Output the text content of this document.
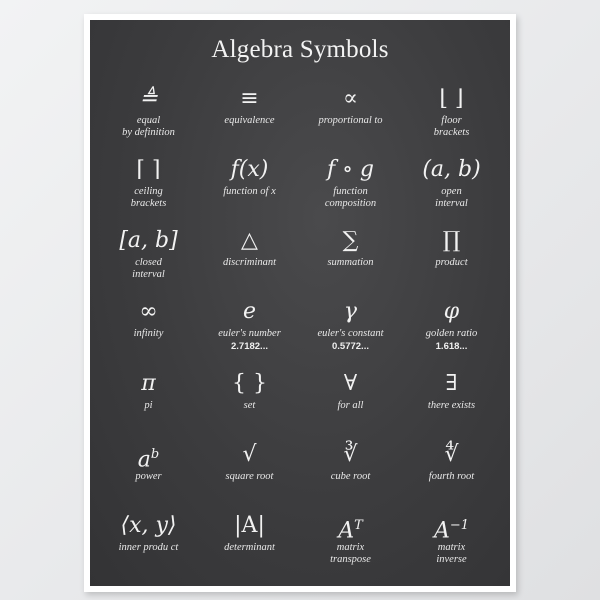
Algebra Symbols
≜
equal
by definition
≡
equivalence
∝
proportional to
⌊ ⌋
floor
brackets
⌈ ⌉
ceiling
brackets
f(x)
function of x
f ∘ g
function
composition
(a, b)
open
interval
[a, b]
closed
interval
△
discriminant
∑
summation
∏
product
∞
infinity
e
euler's number
2.7182...
γ
euler's constant
0.5772...
φ
golden ratio
1.618...
π
pi
{ }
set
∀
for all
∃
there exists
$a^b$
power
√
square root
∛
cube root
∜
fourth root
⟨x, y⟩
inner produ ct
|A|
determinant
$A^T$
matrix
transpose
$A^{-1}$
matrix
inverse
